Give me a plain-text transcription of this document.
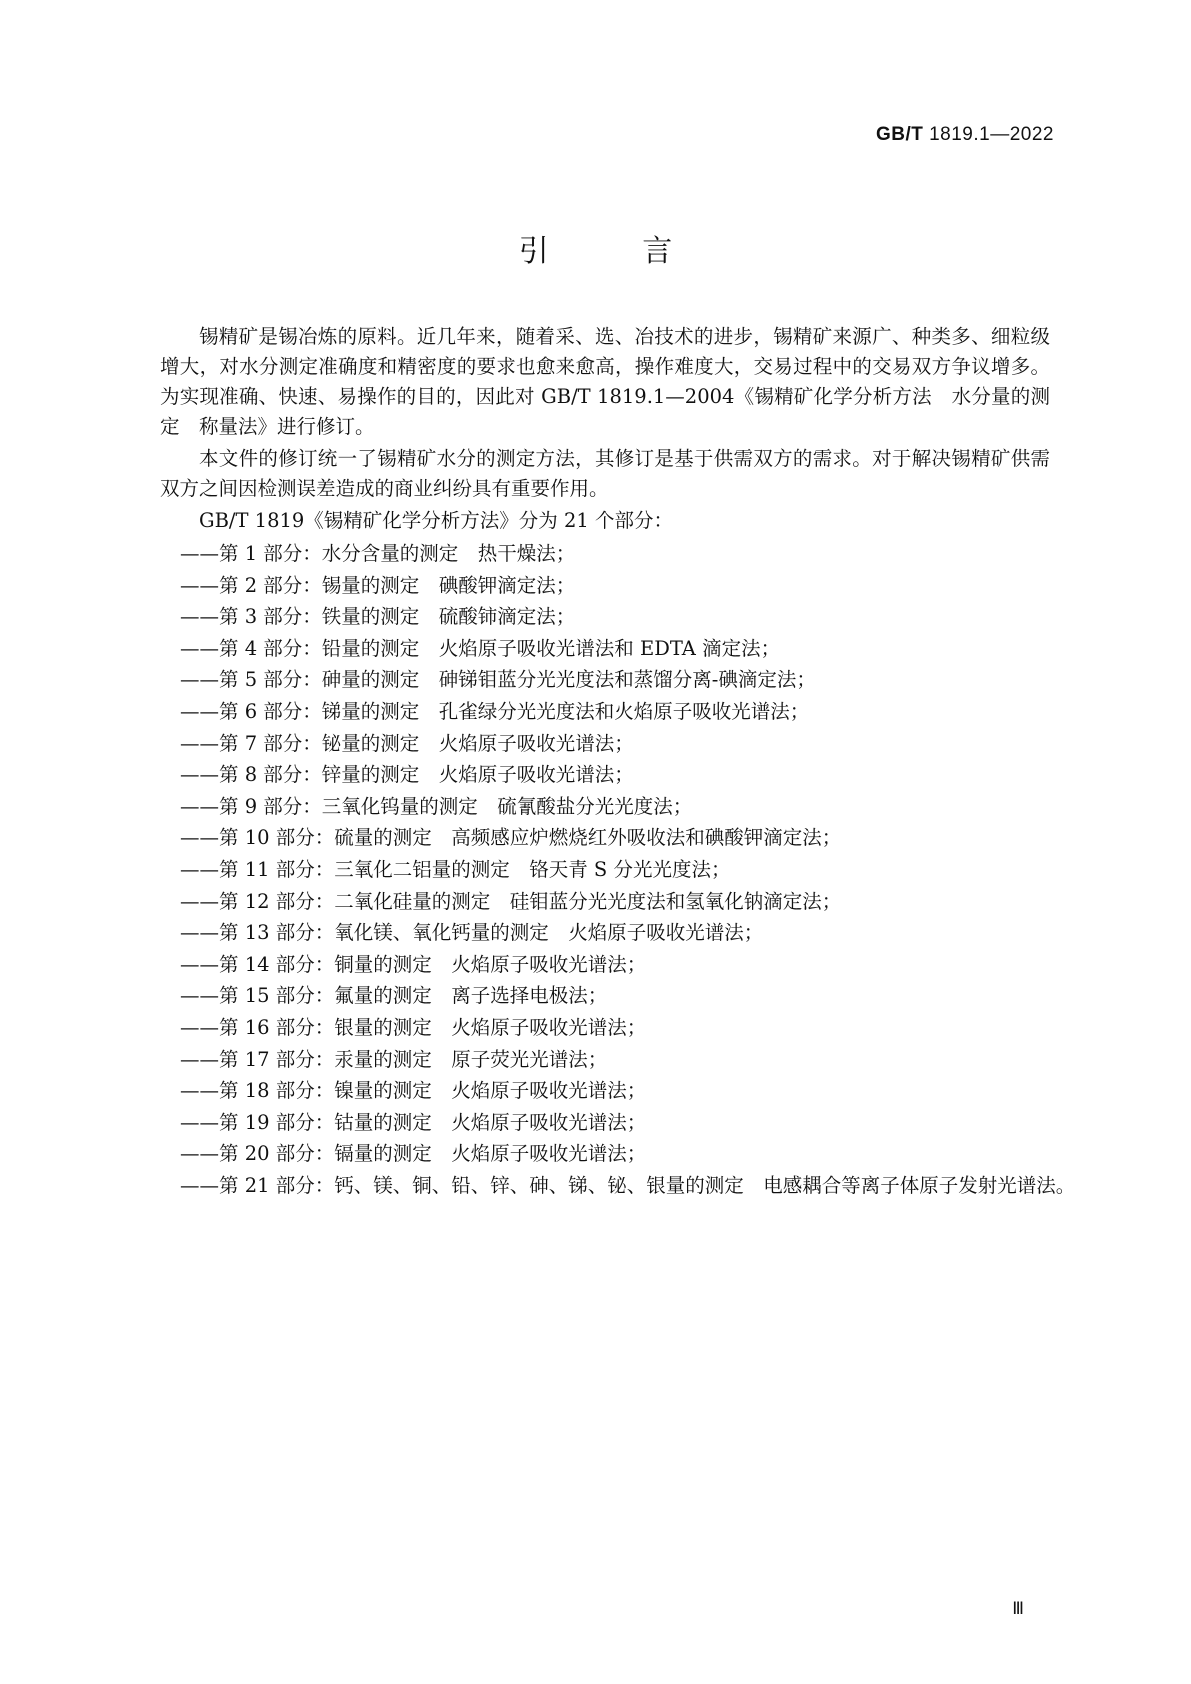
GB/T 1819.1—2022
引 言

锡精矿是锡冶炼的原料。近几年来，随着采、选、冶技术的进步，锡精矿来源广、种类多、细粒级增大，对水分测定准确度和精密度的要求也愈来愈高，操作难度大，交易过程中的交易双方争议增多。为实现准确、快速、易操作的目的，因此对 GB/T 1819.1—2004《锡精矿化学分析方法　水分量的测定　称量法》进行修订。

本文件的修订统一了锡精矿水分的测定方法，其修订是基于供需双方的需求。对于解决锡精矿供需双方之间因检测误差造成的商业纠纷具有重要作用。

GB/T 1819《锡精矿化学分析方法》分为 21 个部分：

——第 1 部分：水分含量的测定　热干燥法；
——第 2 部分：锡量的测定　碘酸钾滴定法；
——第 3 部分：铁量的测定　硫酸铈滴定法；
——第 4 部分：铅量的测定　火焰原子吸收光谱法和 EDTA 滴定法；
——第 5 部分：砷量的测定　砷锑钼蓝分光光度法和蒸馏分离-碘滴定法；
——第 6 部分：锑量的测定　孔雀绿分光光度法和火焰原子吸收光谱法；
——第 7 部分：铋量的测定　火焰原子吸收光谱法；
——第 8 部分：锌量的测定　火焰原子吸收光谱法；
——第 9 部分：三氧化钨量的测定　硫氰酸盐分光光度法；
——第 10 部分：硫量的测定　高频感应炉燃烧红外吸收法和碘酸钾滴定法；
——第 11 部分：三氧化二铝量的测定　铬天青 S 分光光度法；
——第 12 部分：二氧化硅量的测定　硅钼蓝分光光度法和氢氧化钠滴定法；
——第 13 部分：氧化镁、氧化钙量的测定　火焰原子吸收光谱法；
——第 14 部分：铜量的测定　火焰原子吸收光谱法；
——第 15 部分：氟量的测定　离子选择电极法；
——第 16 部分：银量的测定　火焰原子吸收光谱法；
——第 17 部分：汞量的测定　原子荧光光谱法；
——第 18 部分：镍量的测定　火焰原子吸收光谱法；
——第 19 部分：钴量的测定　火焰原子吸收光谱法；
——第 20 部分：镉量的测定　火焰原子吸收光谱法；
——第 21 部分：钙、镁、铜、铅、锌、砷、锑、铋、银量的测定　电感耦合等离子体原子发射光谱法。
Ⅲ
